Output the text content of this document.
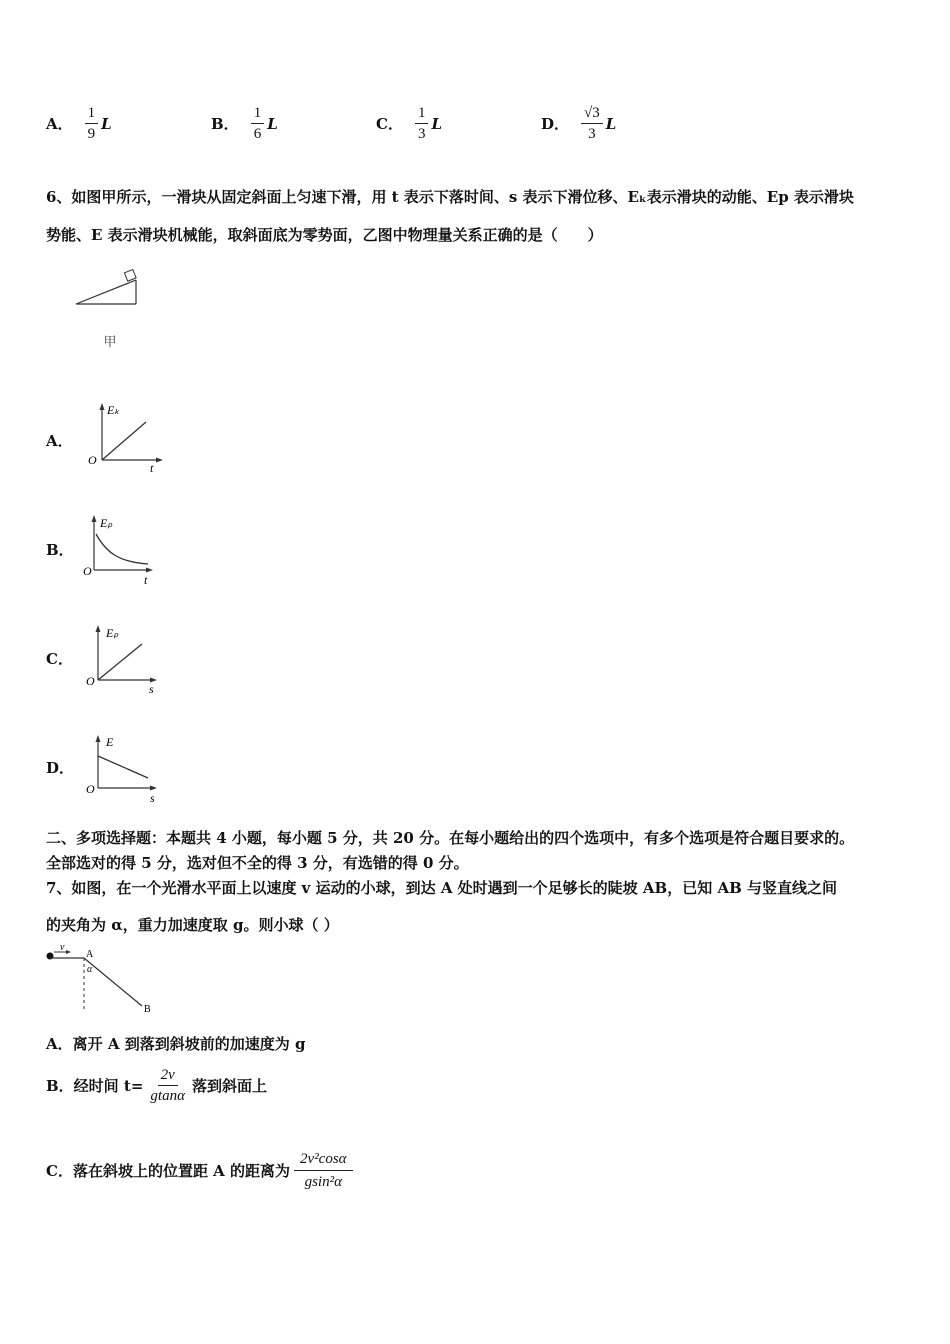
A． $\frac{1}{9}$ L	B． $\frac{1}{6}$ L	C． $\frac{1}{3}$ L	D． $\frac{√3}{3}$ L
6、如图甲所示，一滑块从固定斜面上匀速下滑，用 t 表示下落时间、s 表示下滑位移、Eₖ表示滑块的动能、Ep 表示滑块
势能、E 表示滑块机械能，取斜面底为零势面，乙图中物理量关系正确的是（　　）
甲
A．
Eₖ
t
O
B．
Eₚ
t
O
C．
Eₚ
s
O
D．
E
s
O
二、多项选择题：本题共 4 小题，每小题 5 分，共 20 分。在每小题给出的四个选项中，有多个选项是符合题目要求的。
全部选对的得 5 分，选对但不全的得 3 分，有选错的得 0 分。
7、如图，在一个光滑水平面上以速度 v 运动的小球，到达 A 处时遇到一个足够长的陡坡 AB，已知 AB 与竖直线之间
的夹角为 α，重力加速度取 g。则小球（ ）
v
A
α
B
A．离开 A 到落到斜坡前的加速度为 g
B．经时间 $t= \frac{2v}{gtan\alpha}$ 落到斜面上
C．落在斜坡上的位置距 A 的距离为 $\frac{\text{2v²cosα}}{\text{gsin²α}}$
